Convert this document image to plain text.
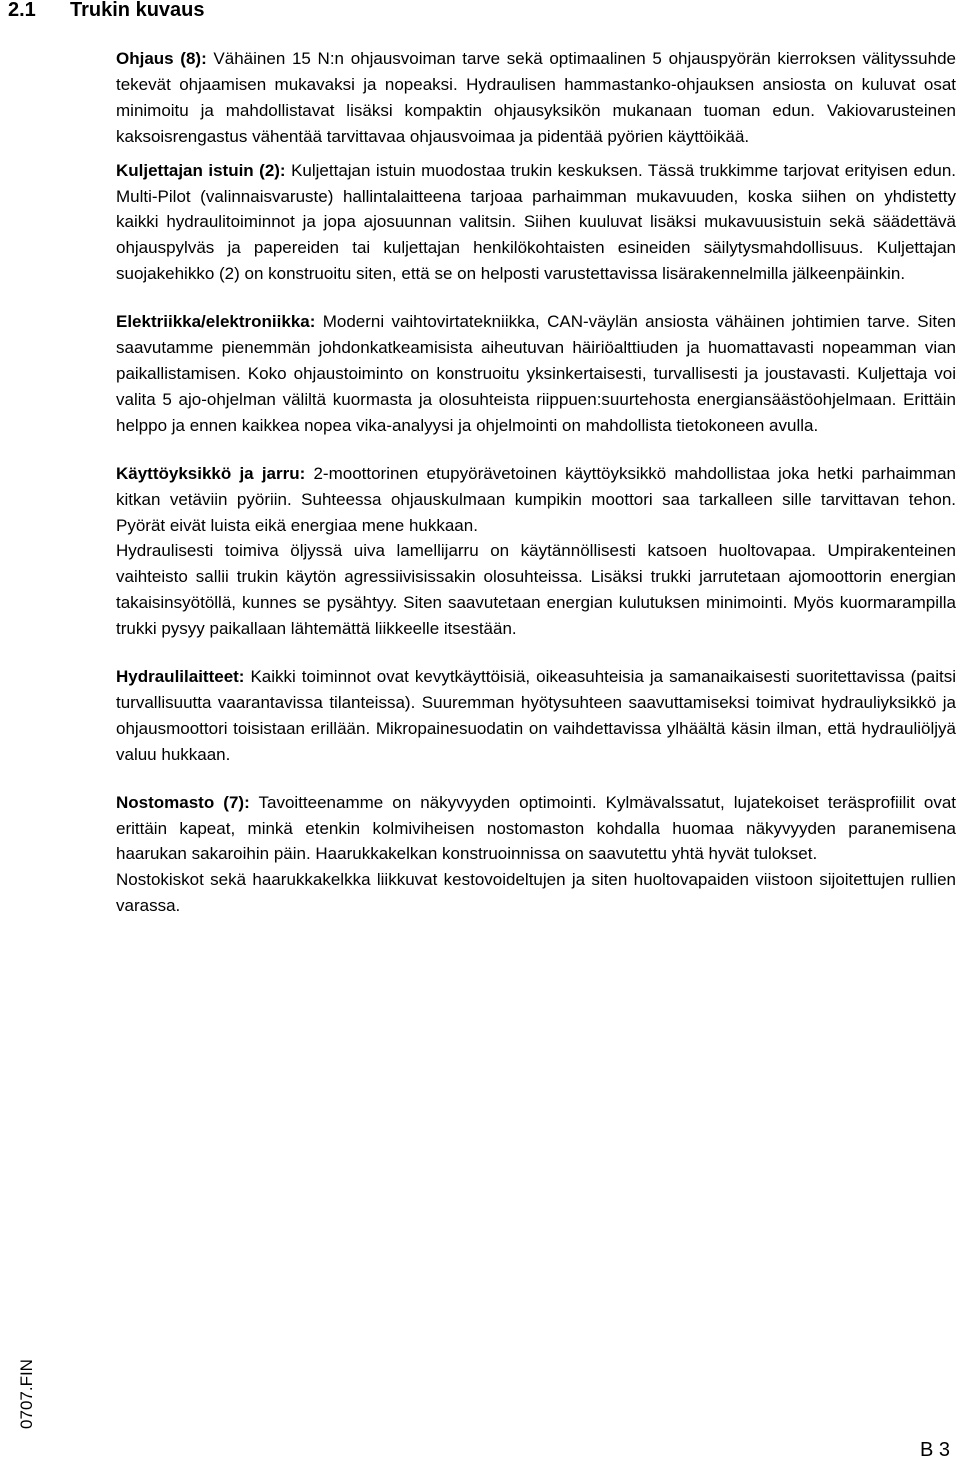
2.1 Trukin kuvaus

Ohjaus (8): Vähäinen 15 N:n ohjausvoiman tarve sekä optimaalinen 5 ohjauspyörän kierroksen välityssuhde tekevät ohjaamisen mukavaksi ja nopeaksi. Hydraulisen hammastanko-ohjauksen ansiosta on kuluvat osat minimoitu ja mahdollistavat lisäksi kompaktin ohjausyksikön mukanaan tuoman edun. Vakiovarusteinen kaksoisrengastus vähentää tarvittavaa ohjausvoimaa ja pidentää pyörien käyttöikää.

Kuljettajan istuin (2): Kuljettajan istuin muodostaa trukin keskuksen. Tässä trukkimme tarjovat erityisen edun. Multi-Pilot (valinnaisvaruste) hallintalaitteena tarjoaa parhaimman mukavuuden, koska siihen on yhdistetty kaikki hydraulitoiminnot ja jopa ajosuunnan valitsin. Siihen kuuluvat lisäksi mukavuusistuin sekä säädettävä ohjauspylväs ja papereiden tai kuljettajan henkilökohtaisten esineiden säilytysmahdollisuus. Kuljettajan suojakehikko (2) on konstruoitu siten, että se on helposti varustettavissa lisärakennelmilla jälkeenpäinkin.

Elektriikka/elektroniikka: Moderni vaihtovirtatekniikka, CAN-väylän ansiosta vähäinen johtimien tarve. Siten saavutamme pienemmän johdonkatkeamisista aiheutuvan häiriöalttiuden ja huomattavasti nopeamman vian paikallistamisen. Koko ohjaustoiminto on konstruoitu yksinkertaisesti, turvallisesti ja joustavasti. Kuljettaja voi valita 5 ajo-ohjelman väliltä kuormasta ja olosuhteista riippuen:suurtehosta energiansäästöohjelmaan. Erittäin helppo ja ennen kaikkea nopea vika-analyysi ja ohjelmointi on mahdollista tietokoneen avulla.

Käyttöyksikkö ja jarru: 2-moottorinen etupyörävetoinen käyttöyksikkö mahdollistaa joka hetki parhaimman kitkan vetäviin pyöriin. Suhteessa ohjauskulmaan kumpikin moottori saa tarkalleen sille tarvittavan tehon. Pyörät eivät luista eikä energiaa mene hukkaan.

Hydraulisesti toimiva öljyssä uiva lamellijarru on käytännöllisesti katsoen huoltovapaa. Umpirakenteinen vaihteisto sallii trukin käytön agressiivisissakin olosuhteissa. Lisäksi trukki jarrutetaan ajomoottorin energian takaisinsyötöllä, kunnes se pysähtyy. Siten saavutetaan energian kulutuksen minimointi. Myös kuormarampilla trukki pysyy paikallaan lähtemättä liikkeelle itsestään.

Hydraulilaitteet: Kaikki toiminnot ovat kevytkäyttöisiä, oikeasuhteisia ja samanaikaisesti suoritettavissa (paitsi turvallisuutta vaarantavissa tilanteissa). Suuremman hyötysuhteen saavuttamiseksi toimivat hydrauliyksikkö ja ohjausmoottori toisistaan erillään. Mikropainesuodatin on vaihdettavissa ylhäältä käsin ilman, että hydrauliöljyä valuu hukkaan.

Nostomasto (7): Tavoitteenamme on näkyvyyden optimointi. Kylmävalssatut, lujatekoiset teräsprofiilit ovat erittäin kapeat, minkä etenkin kolmiviheisen nostomaston kohdalla huomaa näkyvyyden paranemisena haarukan sakaroihin päin. Haarukkakelkan konstruoinnissa on saavutettu yhtä hyvät tulokset.

Nostokiskot sekä haarukkakelkka liikkuvat kestovoideltujen ja siten huoltovapaiden viistoon sijoitettujen rullien varassa.

0707.FIN
B 3
